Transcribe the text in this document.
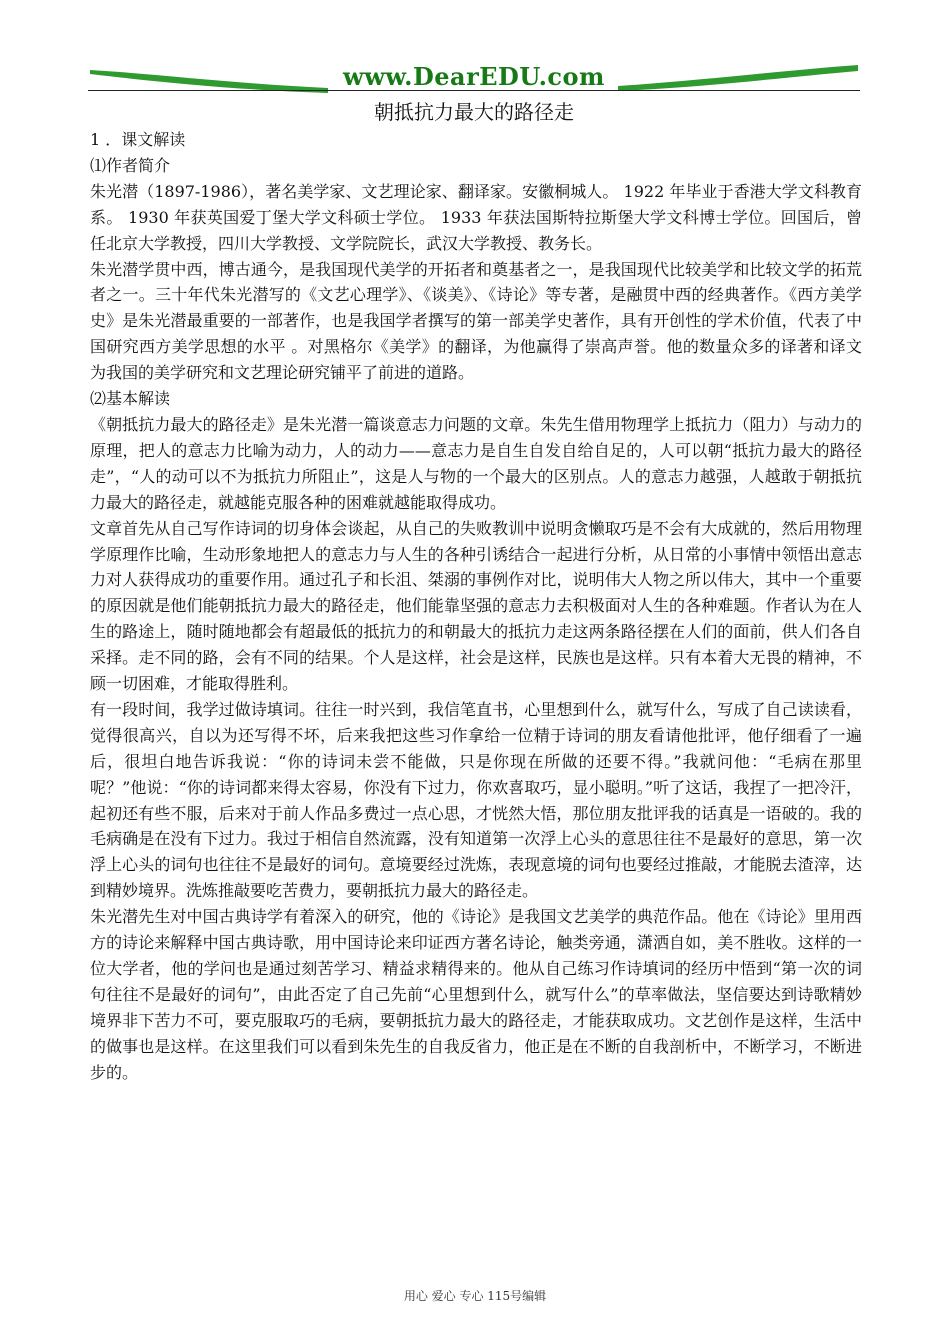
www.DearEDU.com
朝抵抗力最大的路径走

1 ．课文解读

⑴作者简介

朱光潜（1897-1986），著名美学家、文艺理论家、翻译家。安徽桐城人。 1922 年毕业于香港大学文科教育系。 1930 年获英国爱丁堡大学文科硕士学位。 1933 年获法国斯特拉斯堡大学文科博士学位。回国后，曾任北京大学教授，四川大学教授、文学院院长，武汉大学教授、教务长。

朱光潜学贯中西，博古通今，是我国现代美学的开拓者和奠基者之一，是我国现代比较美学和比较文学的拓荒者之一。三十年代朱光潜写的《文艺心理学》、《谈美》、《诗论》等专著，是融贯中西的经典著作。《西方美学史》是朱光潜最重要的一部著作，也是我国学者撰写的第一部美学史著作，具有开创性的学术价值，代表了中国研究西方美学思想的水平 。对黑格尔《美学》的翻译，为他赢得了崇高声誉。他的数量众多的译著和译文为我国的美学研究和文艺理论研究铺平了前进的道路。

⑵基本解读

《朝抵抗力最大的路径走》是朱光潜一篇谈意志力问题的文章。朱先生借用物理学上抵抗力（阻力）与动力的原理，把人的意志力比喻为动力，人的动力——意志力是自生自发自给自足的，人可以朝“抵抗力最大的路径走”，“人的动可以不为抵抗力所阻止”，这是人与物的一个最大的区别点。人的意志力越强，人越敢于朝抵抗力最大的路径走，就越能克服各种的困难就越能取得成功。

文章首先从自己写作诗词的切身体会谈起，从自己的失败教训中说明贪懒取巧是不会有大成就的，然后用物理学原理作比喻，生动形象地把人的意志力与人生的各种引诱结合一起进行分析，从日常的小事情中领悟出意志力对人获得成功的重要作用。通过孔子和长沮、桀溺的事例作对比，说明伟大人物之所以伟大，其中一个重要的原因就是他们能朝抵抗力最大的路径走，他们能靠坚强的意志力去积极面对人生的各种难题。作者认为在人生的路途上，随时随地都会有超最低的抵抗力的和朝最大的抵抗力走这两条路径摆在人们的面前，供人们各自采择。走不同的路，会有不同的结果。个人是这样，社会是这样，民族也是这样。只有本着大无畏的精神，不顾一切困难，才能取得胜利。

有一段时间，我学过做诗填词。往往一时兴到，我信笔直书，心里想到什么，就写什么，写成了自己读读看，觉得很高兴，自以为还写得不坏，后来我把这些习作拿给一位精于诗词的朋友看请他批评，他仔细看了一遍后，很坦白地告诉我说：“你的诗词未尝不能做，只是你现在所做的还要不得。”我就问他：“毛病在那里呢？”他说：“你的诗词都来得太容易，你没有下过力，你欢喜取巧，显小聪明。”听了这话，我捏了一把冷汗，起初还有些不服，后来对于前人作品多费过一点心思，才恍然大悟，那位朋友批评我的话真是一语破的。我的毛病确是在没有下过力。我过于相信自然流露，没有知道第一次浮上心头的意思往往不是最好的意思，第一次浮上心头的词句也往往不是最好的词句。意境要经过洗炼，表现意境的词句也要经过推敲，才能脱去渣滓，达到精妙境界。洗炼推敲要吃苦费力，要朝抵抗力最大的路径走。

朱光潜先生对中国古典诗学有着深入的研究，他的《诗论》是我国文艺美学的典范作品。他在《诗论》里用西方的诗论来解释中国古典诗歌，用中国诗论来印证西方著名诗论，触类旁通，潇洒自如，美不胜收。这样的一位大学者，他的学问也是通过刻苦学习、精益求精得来的。他从自己练习作诗填词的经历中悟到“第一次的词句往往不是最好的词句”，由此否定了自己先前“心里想到什么，就写什么”的草率做法，坚信要达到诗歌精妙境界非下苦力不可，要克服取巧的毛病，要朝抵抗力最大的路径走，才能获取成功。文艺创作是这样，生活中的做事也是这样。在这里我们可以看到朱先生的自我反省力，他正是在不断的自我剖析中，不断学习，不断进步的。

用心 爱心 专心 115号编辑
